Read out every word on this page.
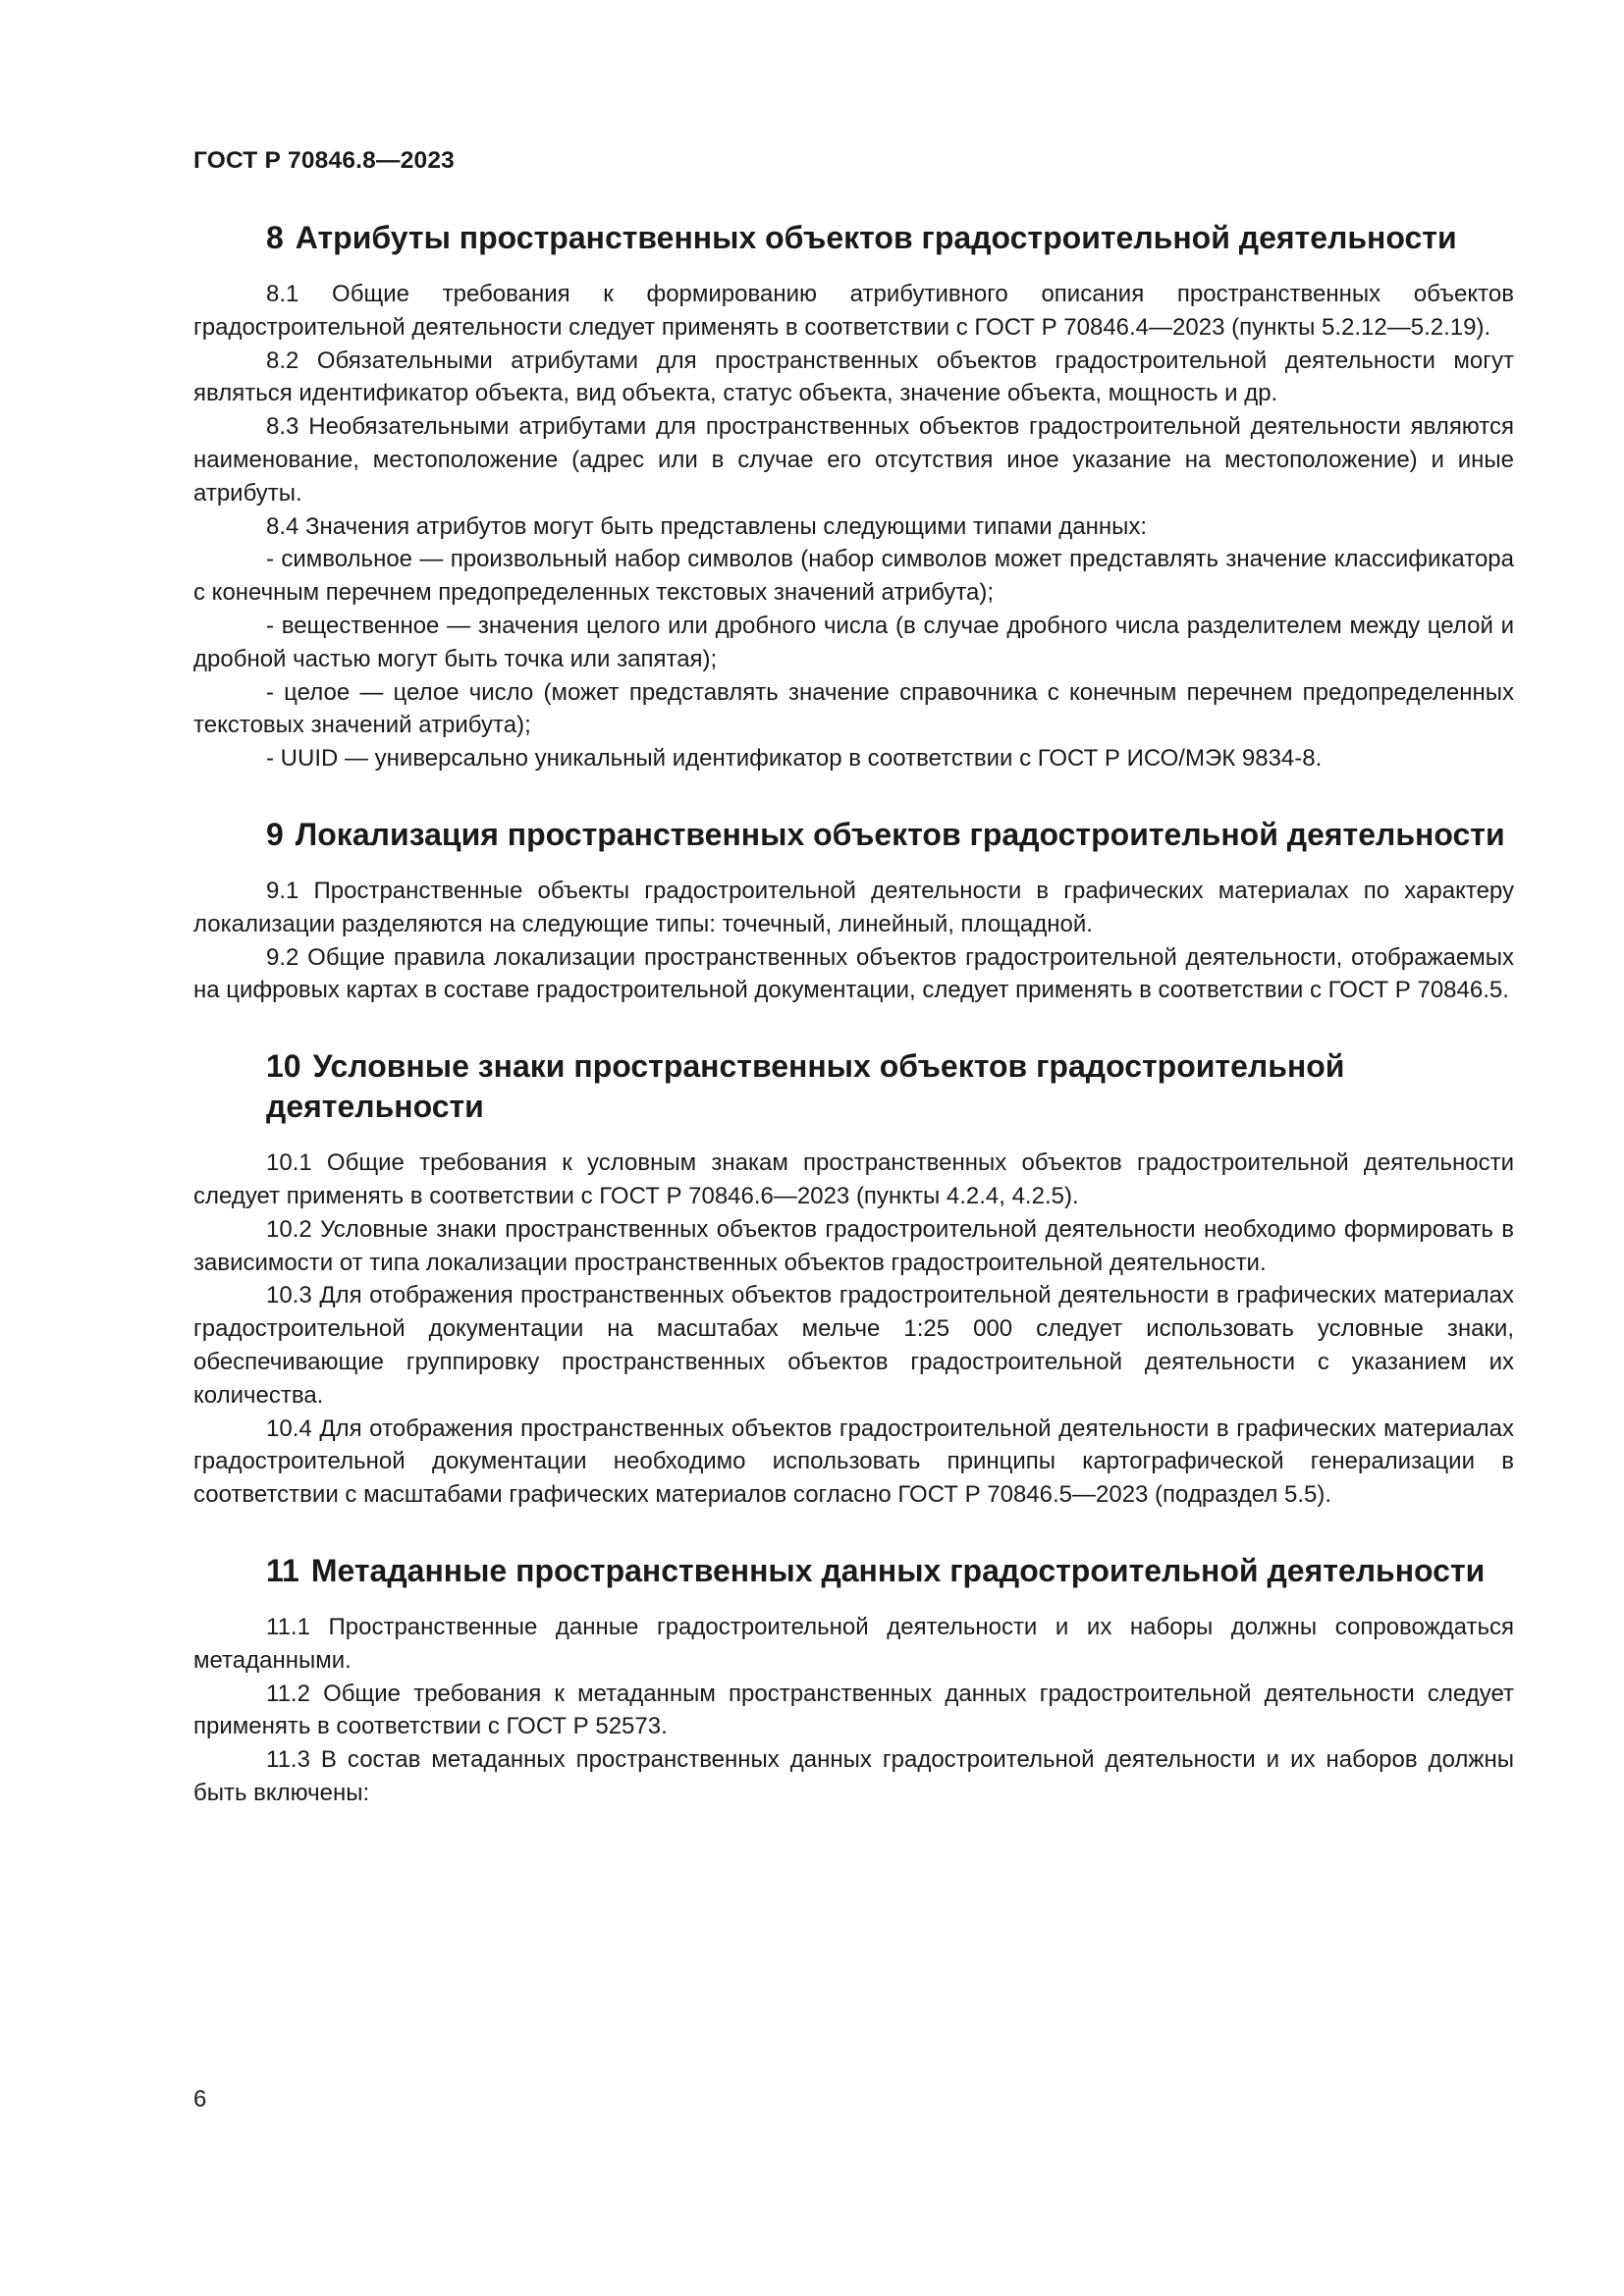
ГОСТ Р 70846.8—2023
8 Атрибуты пространственных объектов градостроительной деятельности

8.1 Общие требования к формированию атрибутивного описания пространственных объектов градостроительной деятельности следует применять в соответствии с ГОСТ Р 70846.4—2023 (пункты 5.2.12—5.2.19).

8.2 Обязательными атрибутами для пространственных объектов градостроительной деятельности могут являться идентификатор объекта, вид объекта, статус объекта, значение объекта, мощность и др.

8.3 Необязательными атрибутами для пространственных объектов градостроительной деятельности являются наименование, местоположение (адрес или в случае его отсутствия иное указание на местоположение) и иные атрибуты.

8.4 Значения атрибутов могут быть представлены следующими типами данных:

- символьное — произвольный набор символов (набор символов может представлять значение классификатора с конечным перечнем предопределенных текстовых значений атрибута);

- вещественное — значения целого или дробного числа (в случае дробного числа разделителем между целой и дробной частью могут быть точка или запятая);

- целое — целое число (может представлять значение справочника с конечным перечнем предопределенных текстовых значений атрибута);

- UUID — универсально уникальный идентификатор в соответствии с ГОСТ Р ИСО/МЭК 9834-8.

9 Локализация пространственных объектов градостроительной деятельности

9.1 Пространственные объекты градостроительной деятельности в графических материалах по характеру локализации разделяются на следующие типы: точечный, линейный, площадной.

9.2 Общие правила локализации пространственных объектов градостроительной деятельности, отображаемых на цифровых картах в составе градостроительной документации, следует применять в соответствии с ГОСТ Р 70846.5.

10 Условные знаки пространственных объектов градостроительной деятельности

10.1 Общие требования к условным знакам пространственных объектов градостроительной деятельности следует применять в соответствии с ГОСТ Р 70846.6—2023 (пункты 4.2.4, 4.2.5).

10.2 Условные знаки пространственных объектов градостроительной деятельности необходимо формировать в зависимости от типа локализации пространственных объектов градостроительной деятельности.

10.3 Для отображения пространственных объектов градостроительной деятельности в графических материалах градостроительной документации на масштабах мельче 1:25 000 следует использовать условные знаки, обеспечивающие группировку пространственных объектов градостроительной деятельности с указанием их количества.

10.4 Для отображения пространственных объектов градостроительной деятельности в графических материалах градостроительной документации необходимо использовать принципы картографической генерализации в соответствии с масштабами графических материалов согласно ГОСТ Р 70846.5—2023 (подраздел 5.5).

11 Метаданные пространственных данных градостроительной деятельности

11.1 Пространственные данные градостроительной деятельности и их наборы должны сопровождаться метаданными.

11.2 Общие требования к метаданным пространственных данных градостроительной деятельности следует применять в соответствии с ГОСТ Р 52573.

11.3 В состав метаданных пространственных данных градостроительной деятельности и их наборов должны быть включены:

6
